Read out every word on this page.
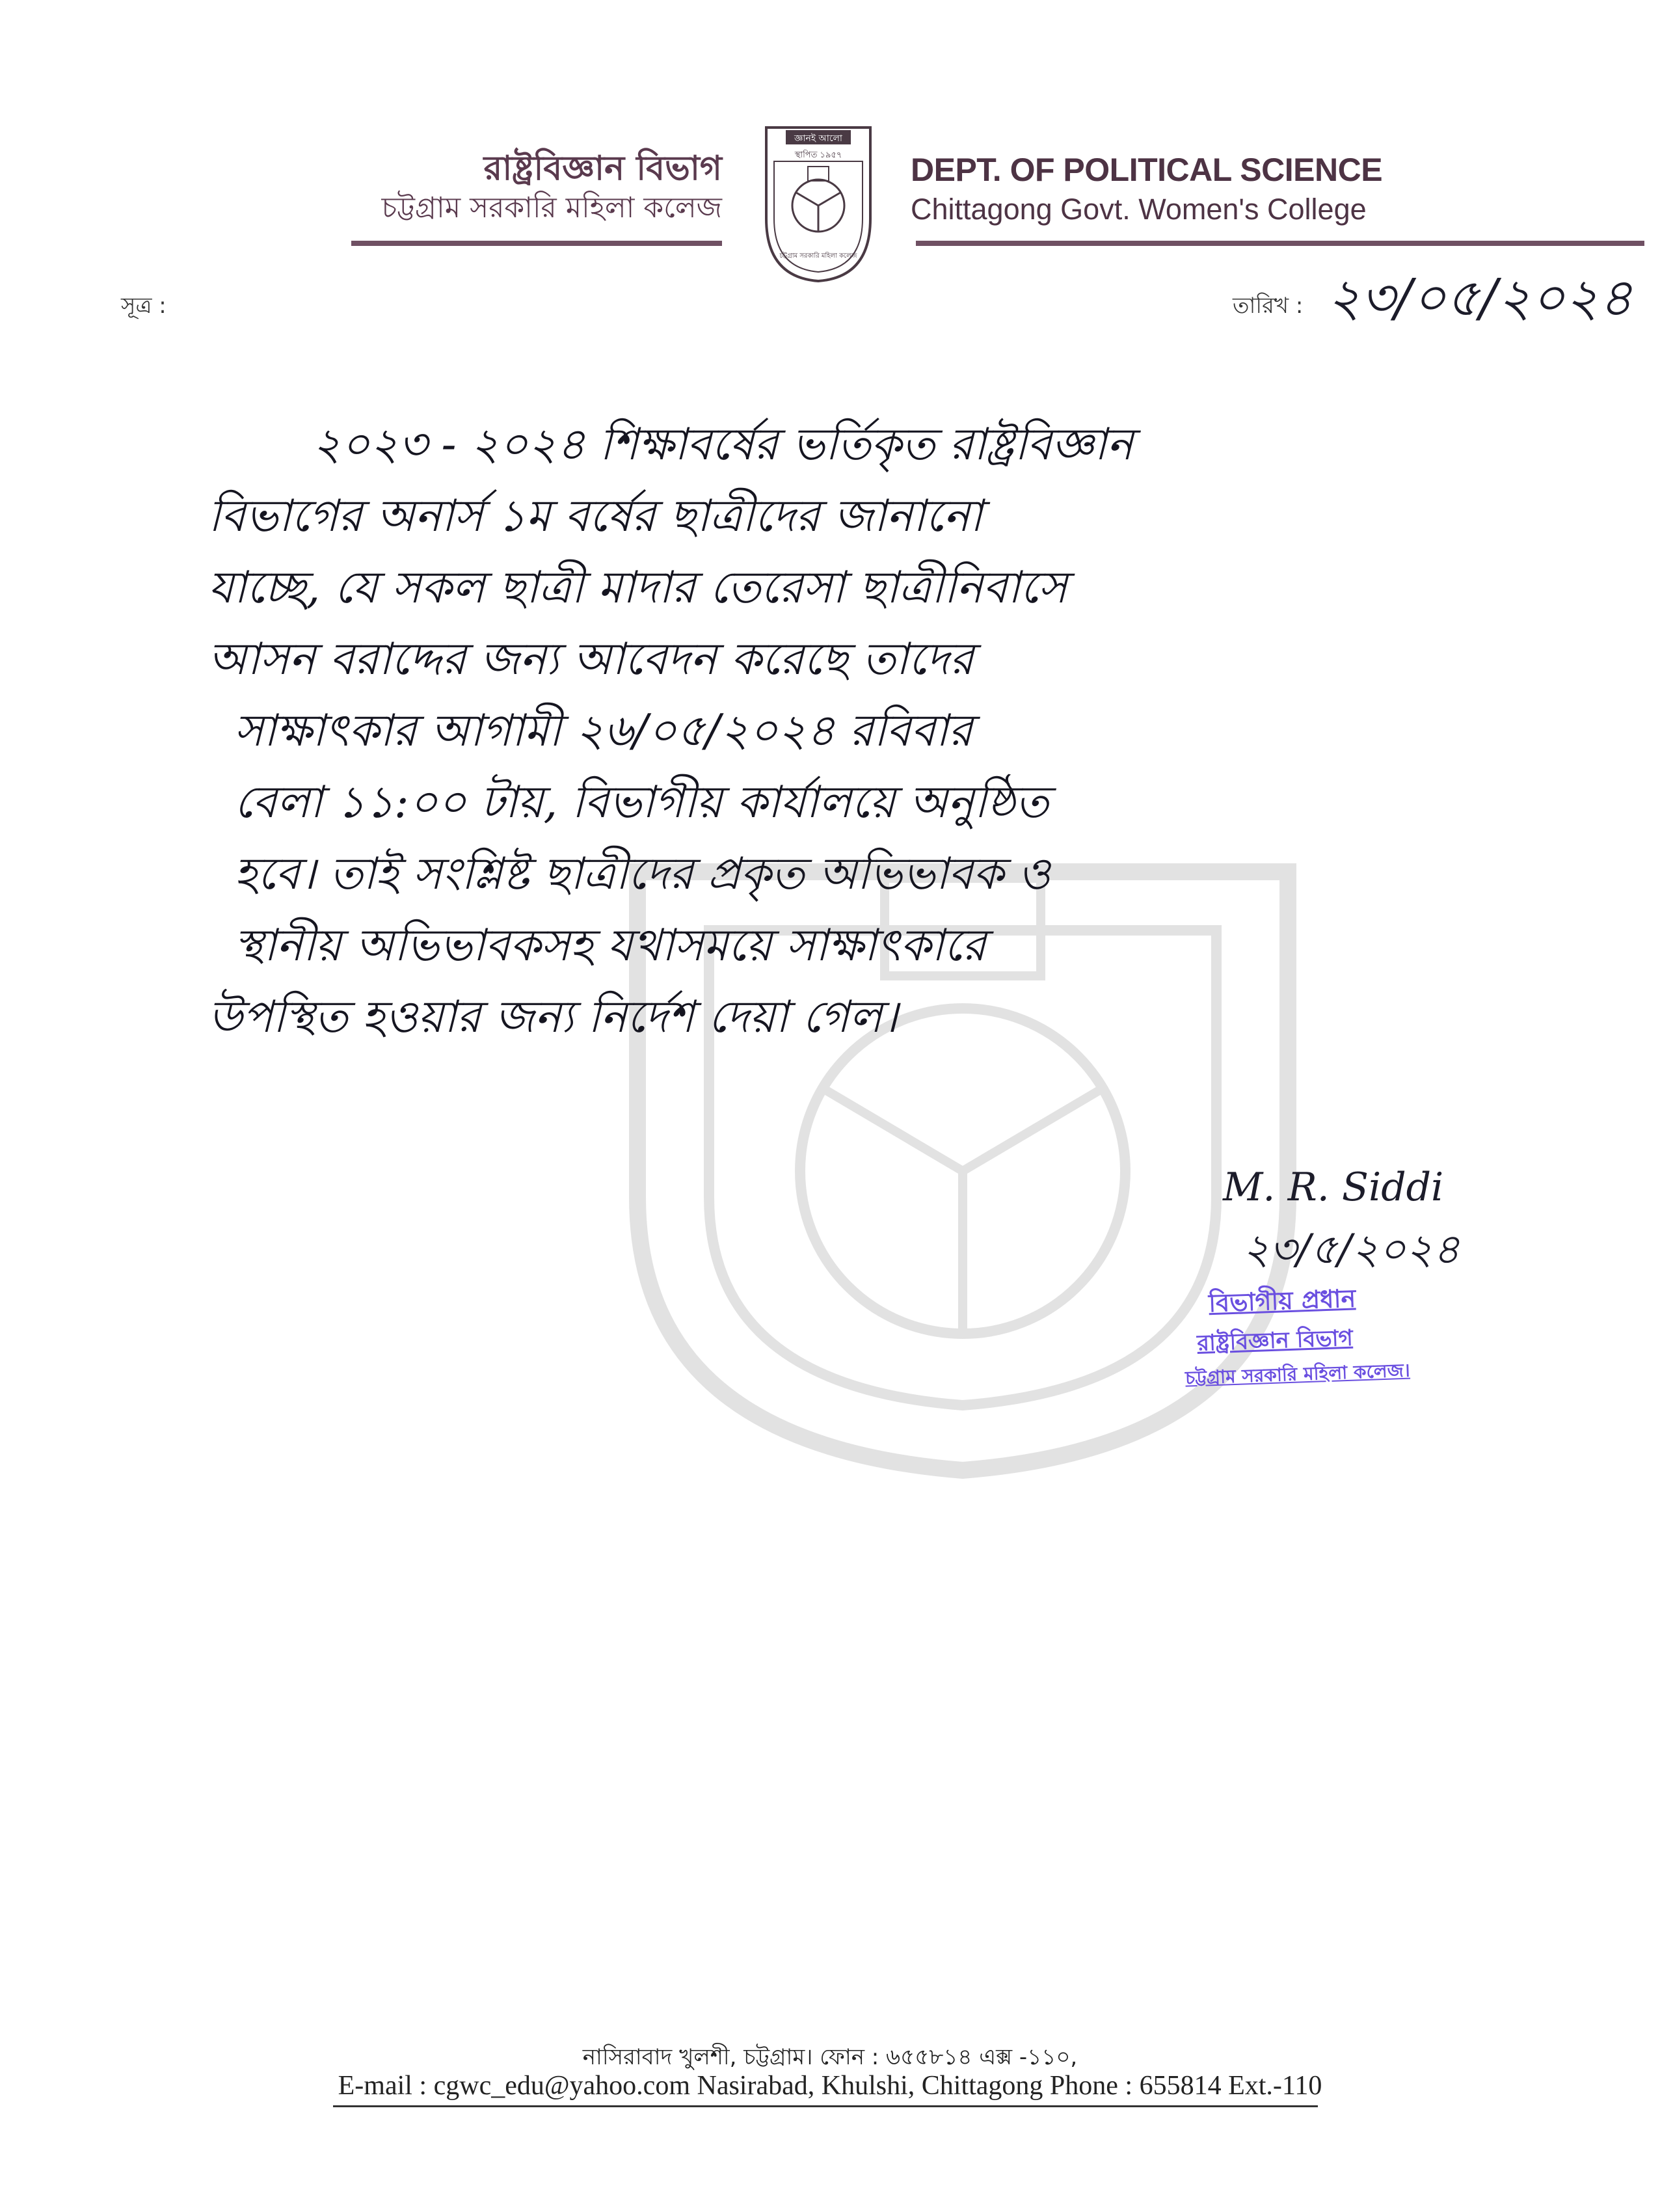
রাষ্ট্রবিজ্ঞান বিভাগ
চট্টগ্রাম সরকারি মহিলা কলেজ
জ্ঞানই আলো
স্থাপিত ১৯৫৭
চট্টগ্রাম সরকারি মহিলা কলেজ
DEPT. OF POLITICAL SCIENCE
Chittagong Govt. Women's College
সূত্র :	তারিখ : ২৩/০৫/২০২৪
২০২৩ - ২০২৪ শিক্ষাবর্ষের ভর্তিকৃত রাষ্ট্রবিজ্ঞান
বিভাগের অনার্স ১ম বর্ষের ছাত্রীদের জানানো
যাচ্ছে, যে সকল ছাত্রী মাদার তেরেসা ছাত্রীনিবাসে
আসন বরাদ্দের জন্য আবেদন করেছে তাদের
সাক্ষাৎকার আগামী ২৬/০৫/২০২৪ রবিবার
বেলা ১১:০০ টায়, বিভাগীয় কার্যালয়ে অনুষ্ঠিত
হবে। তাই সংশ্লিষ্ট ছাত্রীদের প্রকৃত অভিভাবক ও
স্থানীয় অভিভাবকসহ যথাসময়ে সাক্ষাৎকারে
উপস্থিত হওয়ার জন্য নির্দেশ দেয়া গেল।
M. R. Siddi
২৩/৫/২০২৪
বিভাগীয় প্রধান
রাষ্ট্রবিজ্ঞান বিভাগ
চট্টগ্রাম সরকারি মহিলা কলেজ।
নাসিরাবাদ খুলশী, চট্টগ্রাম। ফোন : ৬৫৫৮১৪ এক্স -১১০,
E-mail : cgwc_edu@yahoo.com Nasirabad, Khulshi, Chittagong Phone : 655814 Ext.-110
